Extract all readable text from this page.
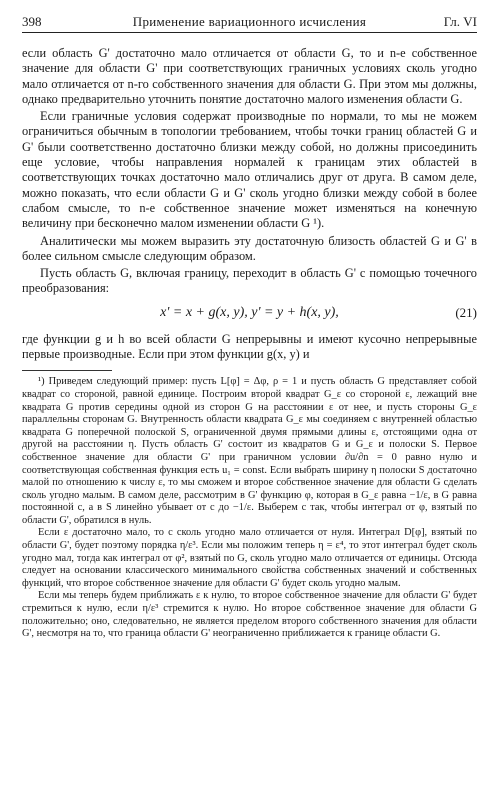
398	Применение вариационного исчисления	Гл. VI

если область G' достаточно мало отличается от области G, то и n-е собственное значение для области G' при соответствующих граничных условиях сколь угодно мало отличается от n-го собственного значения для области G. При этом мы должны, однако предварительно уточнить понятие достаточно малого изменения области G.

Если граничные условия содержат производные по нормали, то мы не можем ограничиться обычным в топологии требованием, чтобы точки границ областей G и G' были соответственно достаточно близки между собой, но должны присоединить еще условие, чтобы направления нормалей к границам этих областей в соответствующих точках достаточно мало отличались друг от друга. В самом деле, можно показать, что если области G и G' сколь угодно близки между собой в более слабом смысле, то n-е собственное значение может изменяться на конечную величину при бесконечно малом изменении области G ¹).

Аналитически мы можем выразить эту достаточную близость областей G и G' в более сильном смысле следующим образом.

Пусть область G, включая границу, переходит в область G' с помощью точечного преобразования:

x' = x + g(x, y), y' = y + h(x, y),	(21)

где функции g и h во всей области G непрерывны и имеют кусочно непрерывные первые производные. Если при этом функции g(x, y) и

¹) Приведем следующий пример: пусть L[φ] = Δφ, ρ = 1 и пусть область G представляет собой квадрат со стороной, равной единице. Построим второй квадрат G_ε со стороной ε, лежащий вне квадрата G против середины одной из сторон G на расстоянии ε от нее, и пусть стороны G_ε параллельны сторонам G. Внутренность области квадрата G_ε мы соединяем с внутренней областью квадрата G поперечной полоской S, ограниченной двумя прямыми длины ε, отстоящими одна от другой на расстоянии η. Пусть область G' состоит из квадратов G и G_ε и полоски S. Первое собственное значение для области G' при граничном условии ∂u/∂n = 0 равно нулю и соответствующая собственная функция есть u₁ = const. Если выбрать ширину η полоски S достаточно малой по отношению к числу ε, то мы сможем и второе собственное значение для области G сделать сколь угодно малым. В самом деле, рассмотрим в G' функцию φ, которая в G_ε равна −1/ε, в G равна постоянной c, а в S линейно убывает от c до −1/ε. Выберем c так, чтобы интеграл от φ, взятый по области G', обратился в нуль.

Если ε достаточно мало, то c сколь угодно мало отличается от нуля. Интеграл D[φ], взятый по области G', будет поэтому порядка η/ε³. Если мы положим теперь η = ε⁴, то этот интеграл будет сколь угодно мал, тогда как интеграл от φ², взятый по G, сколь угодно мало отличается от единицы. Отсюда следует на основании классического минимального свойства собственных значений и собственных функций, что второе собственное значение для области G' будет сколь угодно малым.

Если мы теперь будем приближать ε к нулю, то второе собственное значение для области G' будет стремиться к нулю, если η/ε³ стремится к нулю. Но второе собственное значение для области G положительно; оно, следовательно, не является пределом второго собственного значения для области G', несмотря на то, что граница области G' неограниченно приближается к границе области G.
